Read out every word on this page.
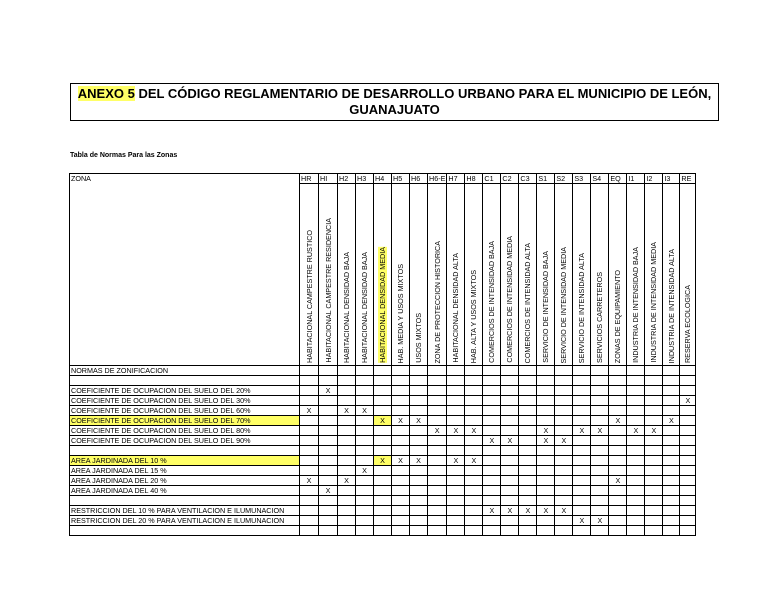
ANEXO 5 DEL CÓDIGO REGLAMENTARIO DE DESARROLLO URBANO PARA EL MUNICIPIO DE LEÓN,
GUANAJUATO
Tabla de Normas Para las Zonas
ZONA	HR	HI	H2	H3	H4	H5	H6	H6-E	H7	H8	C1	C2	C3	S1	S2	S3	S4	EQ	I1	I2	I3	RE

	HABITACIONAL CAMPESTRE RUSTICO	HABITACIONAL CAMPESTRE RESIDENCIA	HABITACIONAL DENSIDAD BAJA	HABITACIONAL DENSIDAD BAJA	HABITACIONAL DENSIDAD MEDIA	HAB. MEDIA Y USOS MIXTOS	USOS MIXTOS	ZONA DE PROTECCION HISTORICA	HABITACIONAL DENSIDAD ALTA	HAB. ALTA Y USOS MIXTOS	COMERCIOS DE INTENSIDAD BAJA	COMERCIOS DE INTENSIDAD MEDIA	COMERCIOS DE INTENSIDAD ALTA	SERVICIO DE INTENSIDAD BAJA	SERVICIO DE INTENSIDAD MEDIA	SERVICIO DE INTENSIDAD ALTA	SERVICIOS CARRETEROS	ZONAS DE EQUIPAMIENTO	INDUSTRIA DE INTENSIDAD BAJA	INDUSTRIA DE INTENSIDAD MEDIA	INDUSTRIA DE INTENSIDAD ALTA	RESERVA ECOLOGICA

NORMAS DE ZONIFICACION																						

COEFICIENTE DE OCUPACION DEL SUELO DEL 20%		X																				
COEFICIENTE DE OCUPACION DEL SUELO DEL 30%																						X
COEFICIENTE DE OCUPACION DEL SUELO DEL 60%	X		X	X																		
COEFICIENTE DE OCUPACION DEL SUELO DEL 70%					X	X	X											X			X	
COEFICIENTE DE OCUPACION DEL SUELO DEL 80%								X	X	X				X		X	X		X	X		
COEFICIENTE DE OCUPACION DEL SUELO DEL 90%											X	X		X	X							

AREA JARDINADA DEL 10 %					X	X	X		X	X												
AREA JARDINADA DEL 15 %				X																		
AREA JARDINADA DEL 20 %	X		X															X				
AREA JARDINADA DEL 40 %		X																				

RESTRICCION DEL 10 % PARA VENTILACION E ILUMUNACION											X	X	X	X	X							
RESTRICCION DEL 20 % PARA VENTILACION E ILUMUNACION																X	X					
